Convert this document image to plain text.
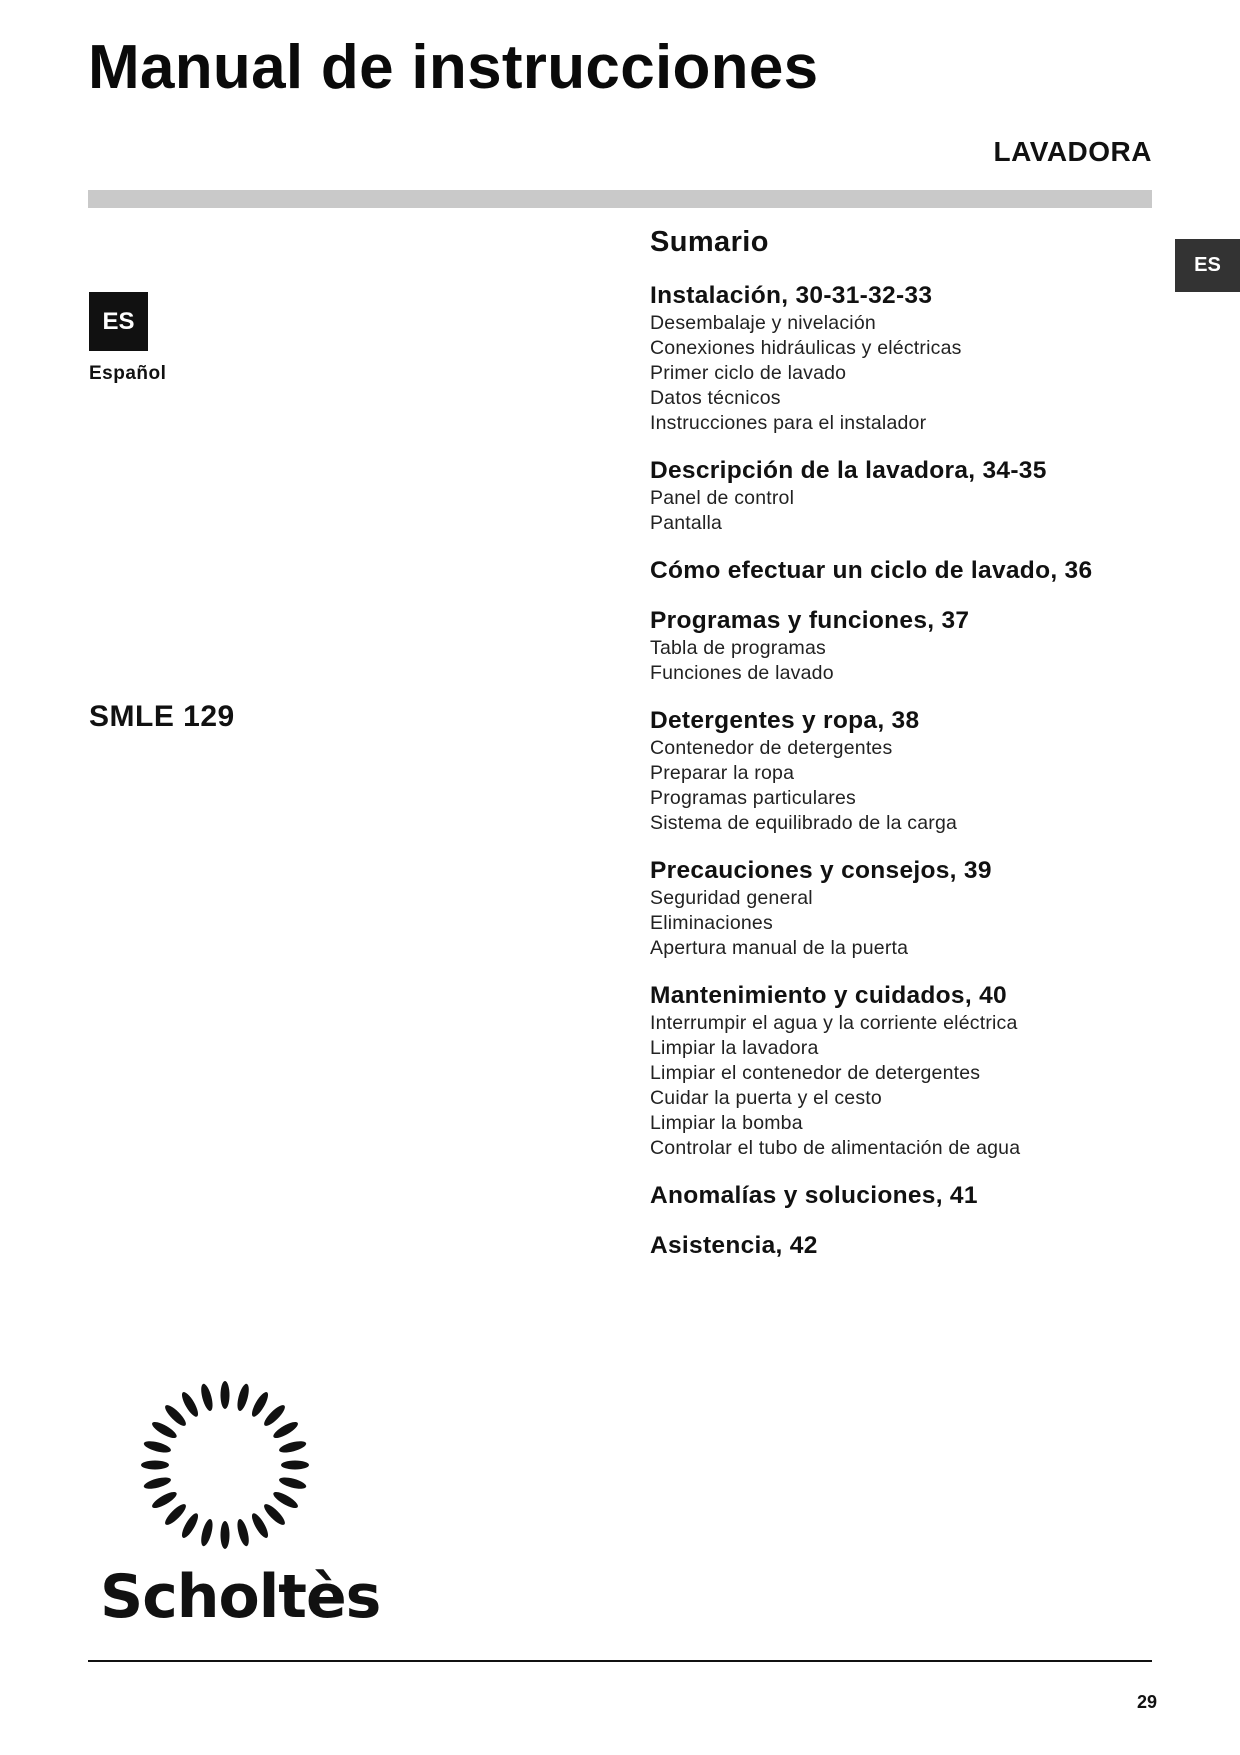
Manual de instrucciones
LAVADORA
ES
ES
Español
SMLE 129
Sumario
Instalación, 30-31-32-33
Desembalaje y nivelación
Conexiones hidráulicas y eléctricas
Primer ciclo de lavado
Datos técnicos
Instrucciones para el instalador
Descripción de la lavadora, 34-35
Panel de control
Pantalla
Cómo efectuar un ciclo de lavado, 36
Programas y funciones, 37
Tabla de programas
Funciones de lavado
Detergentes y ropa, 38
Contenedor de detergentes
Preparar la ropa
Programas particulares
Sistema de equilibrado de la carga
Precauciones y consejos, 39
Seguridad general
Eliminaciones
Apertura manual de la puerta
Mantenimiento y cuidados, 40
Interrumpir el agua y la corriente eléctrica
Limpiar la lavadora
Limpiar el contenedor de detergentes
Cuidar la puerta y el cesto
Limpiar la bomba
Controlar el tubo de alimentación de agua
Anomalías y soluciones, 41
Asistencia, 42
Scholtès
29
